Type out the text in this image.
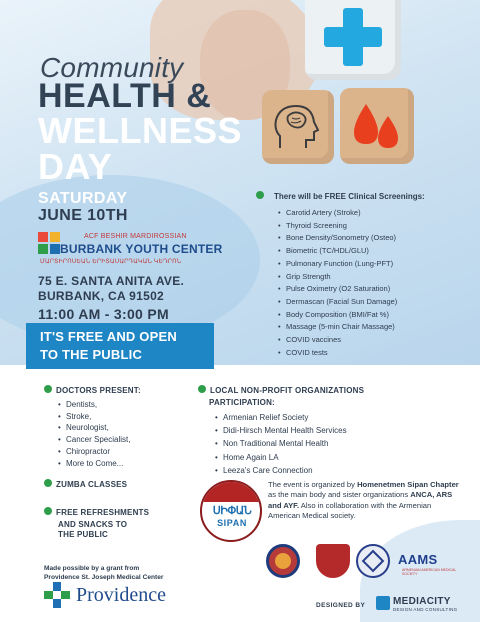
Community
HEALTH &
WELLNESS
DAY
SATURDAY
JUNE 10TH
ACF BESHIR MARDIROSSIAN
BURBANK YOUTH CENTER
ՄԱՐՏԻՐՈՍԵԱՆ ԵՐԻՏԱՍԱՐԴԱԿԱՆ ԿԵԴՐՈՆ
75 E. SANTA ANITA AVE.
BURBANK, CA 91502
11:00 AM - 3:00 PM
IT'S FREE AND OPEN
TO THE PUBLIC
There will be FREE Clinical Screenings:
• Carotid Artery (Stroke)
• Thyroid Screening
• Bone Density/Sonometry (Osteo)
• Biometric (TC/HDL/GLU)
• Pulmonary Function (Lung-PFT)
• Grip Strength
• Pulse Oximetry (O2 Saturation)
• Dermascan (Facial Sun Damage)
• Body Composition (BMI/Fat %)
• Massage (5-min Chair Massage)
• COVID vaccines
• COVID tests
DOCTORS PRESENT:
• Dentists,
• Stroke,
• Neurologist,
• Cancer Specialist,
• Chiropractor
• More to Come...
ZUMBA CLASSES
FREE REFRESHMENTS
AND SNACKS TO
THE PUBLIC
LOCAL NON-PROFIT ORGANIZATIONS
PARTICIPATION:
• Armenian Relief Society
• Didi-Hirsch Mental Health Services
• Non Traditional Mental Health
• Home Again LA
• Leeza's Care Connection
ՍԻՓԱՆ
SIPAN
The event is organized by Homenetmen Sipan Chapter as the main body and sister organizations ANCA, ARS and AYF. Also in collaboration with the Armenian American Medical society.
AAMS
ARMENIAN AMERICAN MEDICAL SOCIETY
Made possible by a grant from
Providence St. Joseph Medical Center
Providence	DESIGNED BY	MEDIACITY
DESIGN AND CONSULTING
